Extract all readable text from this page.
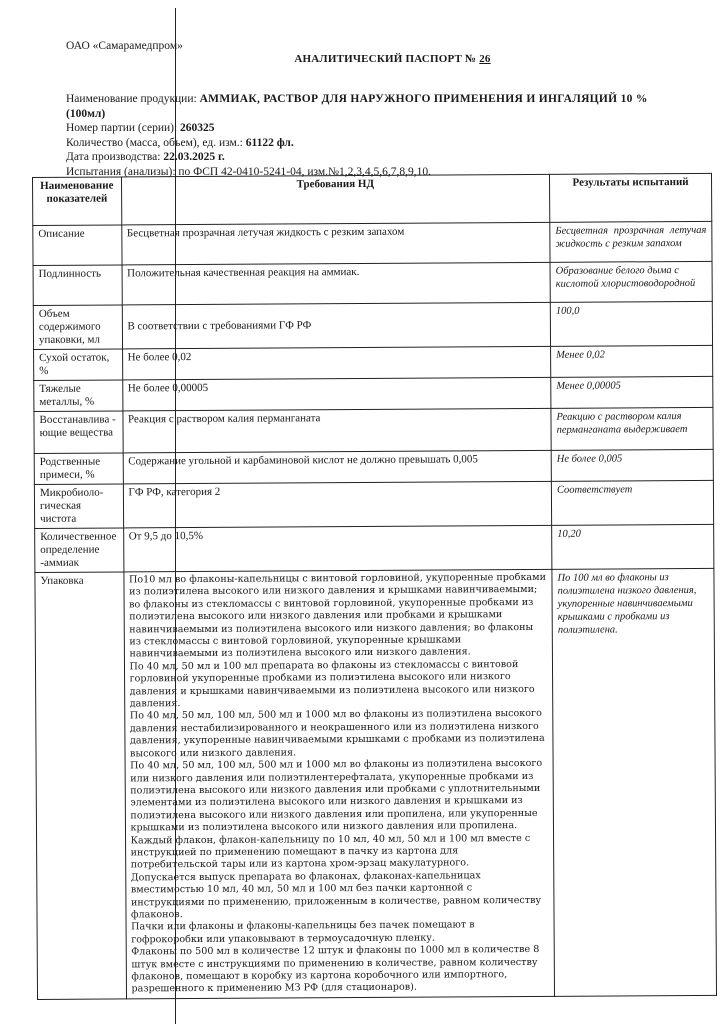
ОАО «Самарамедпром»
АНАЛИТИЧЕСКИЙ ПАСПОРТ № 26
Наименование продукции: АММИАК, РАСТВОР ДЛЯ НАРУЖНОГО ПРИМЕНЕНИЯ И ИНГАЛЯЦИЙ 10 %
(100мл)
Номер партии (серии): 260325
Количество (масса, объем), ед. изм.: 61122 фл.
Дата производства: 22.03.2025 г.
Испытания (анализы): по ФСП 42-0410-5241-04, изм.№1,2,3,4,5,6,7,8,9,10.
Наименование показателей	Требования НД	Результаты испытаний
Описание	Бесцветная прозрачная летучая жидкость с резким запахом	Бесцветная прозрачная летучая жидкость с резким запахом
Подлинность	Положительная качественная реакция на аммиак.	Образование белого дыма с кислотой хлористоводородной
Объем содержимого упаковки, мл	В соответствии с требованиями ГФ РФ	100,0
Сухой остаток, %	Не более 0,02	Менее 0,02
Тяжелые металлы, %	Не более 0,00005	Менее 0,00005
Восстанавлива - ющие вещества	Реакция с раствором калия перманганата	Реакцию с раствором калия перманганата выдерживает
Родственные примеси, %	Содержание угольной и карбаминовой кислот не должно превышать 0,005	Не более 0,005
Микробиоло- гическая чистота	ГФ РФ, категория 2	Соответствует
Количественное определение -аммиак	От 9,5 до 10,5%	10,20
Упаковка	По10 мл во флаконы-капельницы с винтовой горловиной, укупоренные пробками из полиэтилена высокого или низкого давления и крышками навинчиваемыми; во флаконы из стекломассы с винтовой горловиной, укупоренные пробками из полиэтилена высокого или низкого давления или пробками и крышками навинчиваемыми из полиэтилена высокого или низкого давления; во флаконы из стекломассы с винтовой горловиной, укупоренные крышками навинчиваемыми из полиэтилена высокого или низкого давления.

По 40 мл, 50 мл и 100 мл препарата во флаконы из стекломассы с винтовой горловиной укупоренные пробками из полиэтилена высокого или низкого давления и крышками навинчиваемыми из полиэтилена высокого или низкого давления.

По 40 мл, 50 мл, 100 мл, 500 мл и 1000 мл во флаконы из полиэтилена высокого давления нестабилизированного и неокрашенного или из полиэтилена низкого давления, укупоренные навинчиваемыми крышками с пробками из полиэтилена высокого или низкого давления.

По 40 мл, 50 мл, 100 мл, 500 мл и 1000 мл во флаконы из полиэтилена высокого или низкого давления или полиэтилентерефталата, укупоренные пробками из полиэтилена высокого или низкого давления или пробками с уплотнительными элементами из полиэтилена высокого или низкого давления и крышками из полиэтилена высокого или низкого давления или пропилена, или укупоренные крышками из полиэтилена высокого или низкого давления или пропилена.

Каждый флакон, флакон-капельницу по 10 мл, 40 мл, 50 мл и 100 мл вместе с инструкцией по применению помещают в пачку из картона для потребительской тары или из картона хром-эрзац макулатурного.

Допускается выпуск препарата во флаконах, флаконах-капельницах вместимостью 10 мл, 40 мл, 50 мл и 100 мл без пачки картонной с инструкциями по применению, приложенным в количестве, равном количеству флаконов.

Пачки или флаконы и флаконы-капельницы без пачек помещают в гофрокоробки или упаковывают в термоусадочную пленку.

Флаконы по 500 мл в количестве 12 штук и флаконы по 1000 мл в количестве 8 штук вместе с инструкциями по применению в количестве, равном количеству флаконов, помещают в коробку из картона коробочного или импортного, разрешенного к применению МЗ РФ (для стационаров).

	По 100 мл во флаконы из полиэтилена низкого давления, укупоренные навинчиваемыми крышками с пробками из полиэтилена.
